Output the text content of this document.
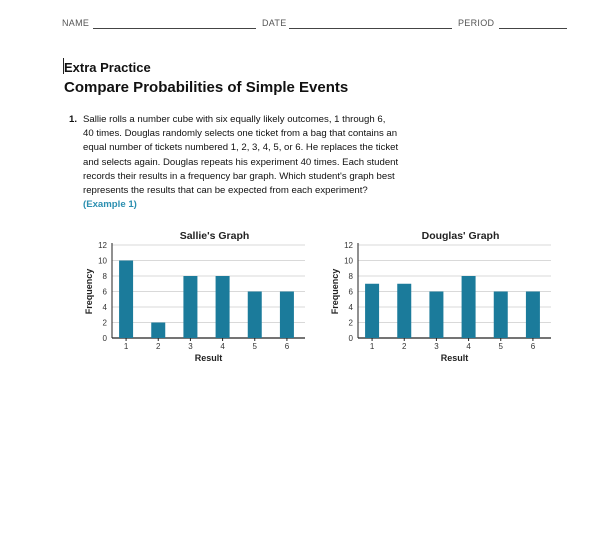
NAME	DATE	PERIOD
Extra Practice
Compare Probabilities of Simple Events
1. Sallie rolls a number cube with six equally likely outcomes, 1 through 6,
40 times. Douglas randomly selects one ticket from a bag that contains an
equal number of tickets numbered 1, 2, 3, 4, 5, or 6. He replaces the ticket
and selects again. Douglas repeats his experiment 40 times. Each student
records their results in a frequency bar graph. Which student's graph best
represents the results that can be expected from each experiment?
(Example 1)
Sallie's Graph
0
2
4
6
8
10
12
1	2	3	4	5	6
Result
Frequency
Douglas' Graph
0
2
4
6
8
10
12
1	2	3	4	5	6
Result
Frequency
